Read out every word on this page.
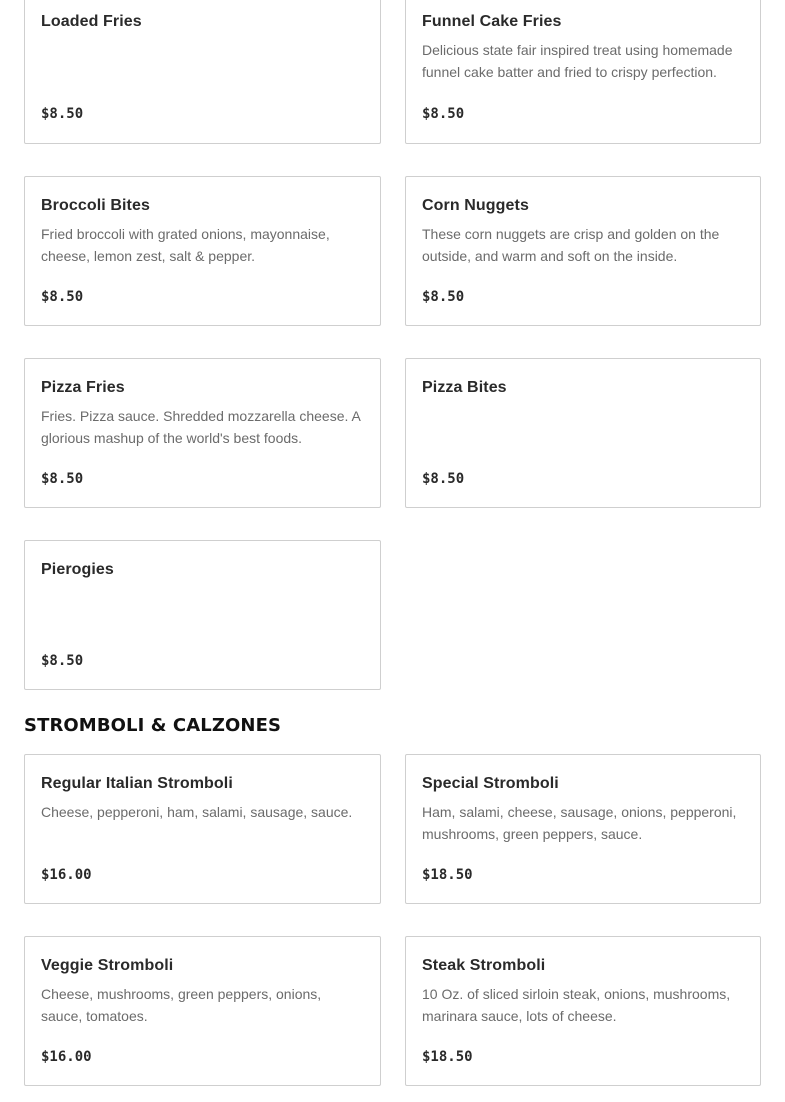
Loaded Fries
$8.50
Funnel Cake Fries
Delicious state fair inspired treat using homemade funnel cake batter and fried to crispy perfection.
$8.50
Broccoli Bites
Fried broccoli with grated onions, mayonnaise, cheese, lemon zest, salt & pepper.
$8.50
Corn Nuggets
These corn nuggets are crisp and golden on the outside, and warm and soft on the inside.
$8.50
Pizza Fries
Fries. Pizza sauce. Shredded mozzarella cheese. A glorious mashup of the world's best foods.
$8.50
Pizza Bites
$8.50
Pierogies
$8.50
STROMBOLI & CALZONES
Regular Italian Stromboli
Cheese, pepperoni, ham, salami, sausage, sauce.
$16.00
Special Stromboli
Ham, salami, cheese, sausage, onions, pepperoni, mushrooms, green peppers, sauce.
$18.50
Veggie Stromboli
Cheese, mushrooms, green peppers, onions, sauce, tomatoes.
$16.00
Steak Stromboli
10 Oz. of sliced sirloin steak, onions, mushrooms, marinara sauce, lots of cheese.
$18.50
